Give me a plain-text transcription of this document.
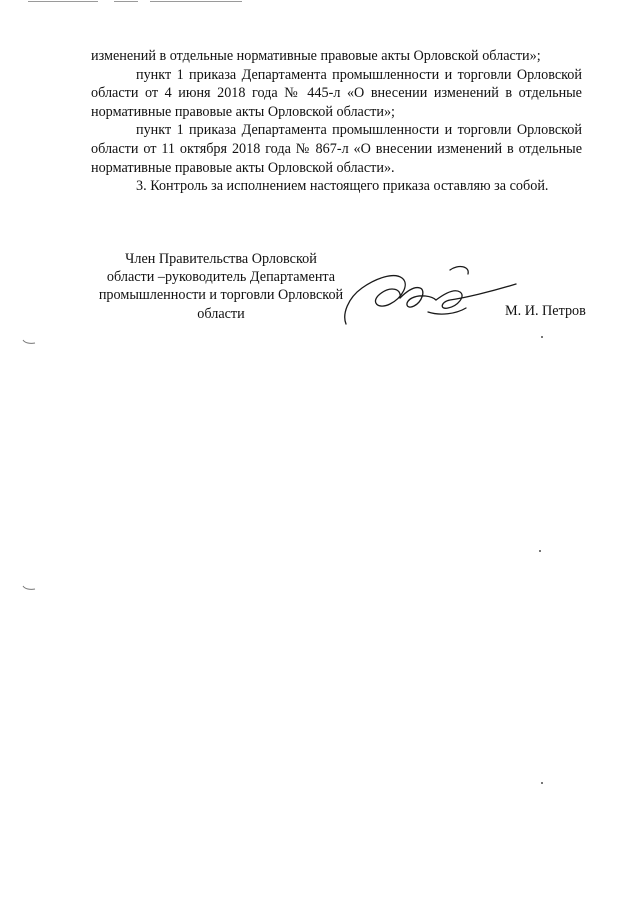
изменений в отдельные нормативные правовые акты Орловской области»;

пункт 1 приказа Департамента промышленности и торговли Орловской области от 4 июня 2018 года № 445-л «О внесении изменений в отдельные нормативные правовые акты Орловской области»;

пункт 1 приказа Департамента промышленности и торговли Орловской области от 11 октября 2018 года № 867-л «О внесении изменений в отдельные нормативные правовые акты Орловской области».

3. Контроль за исполнением настоящего приказа оставляю за собой.

Член Правительства Орловской
области –руководитель Департамента
промышленности и торговли Орловской
области	М. И. Петров
